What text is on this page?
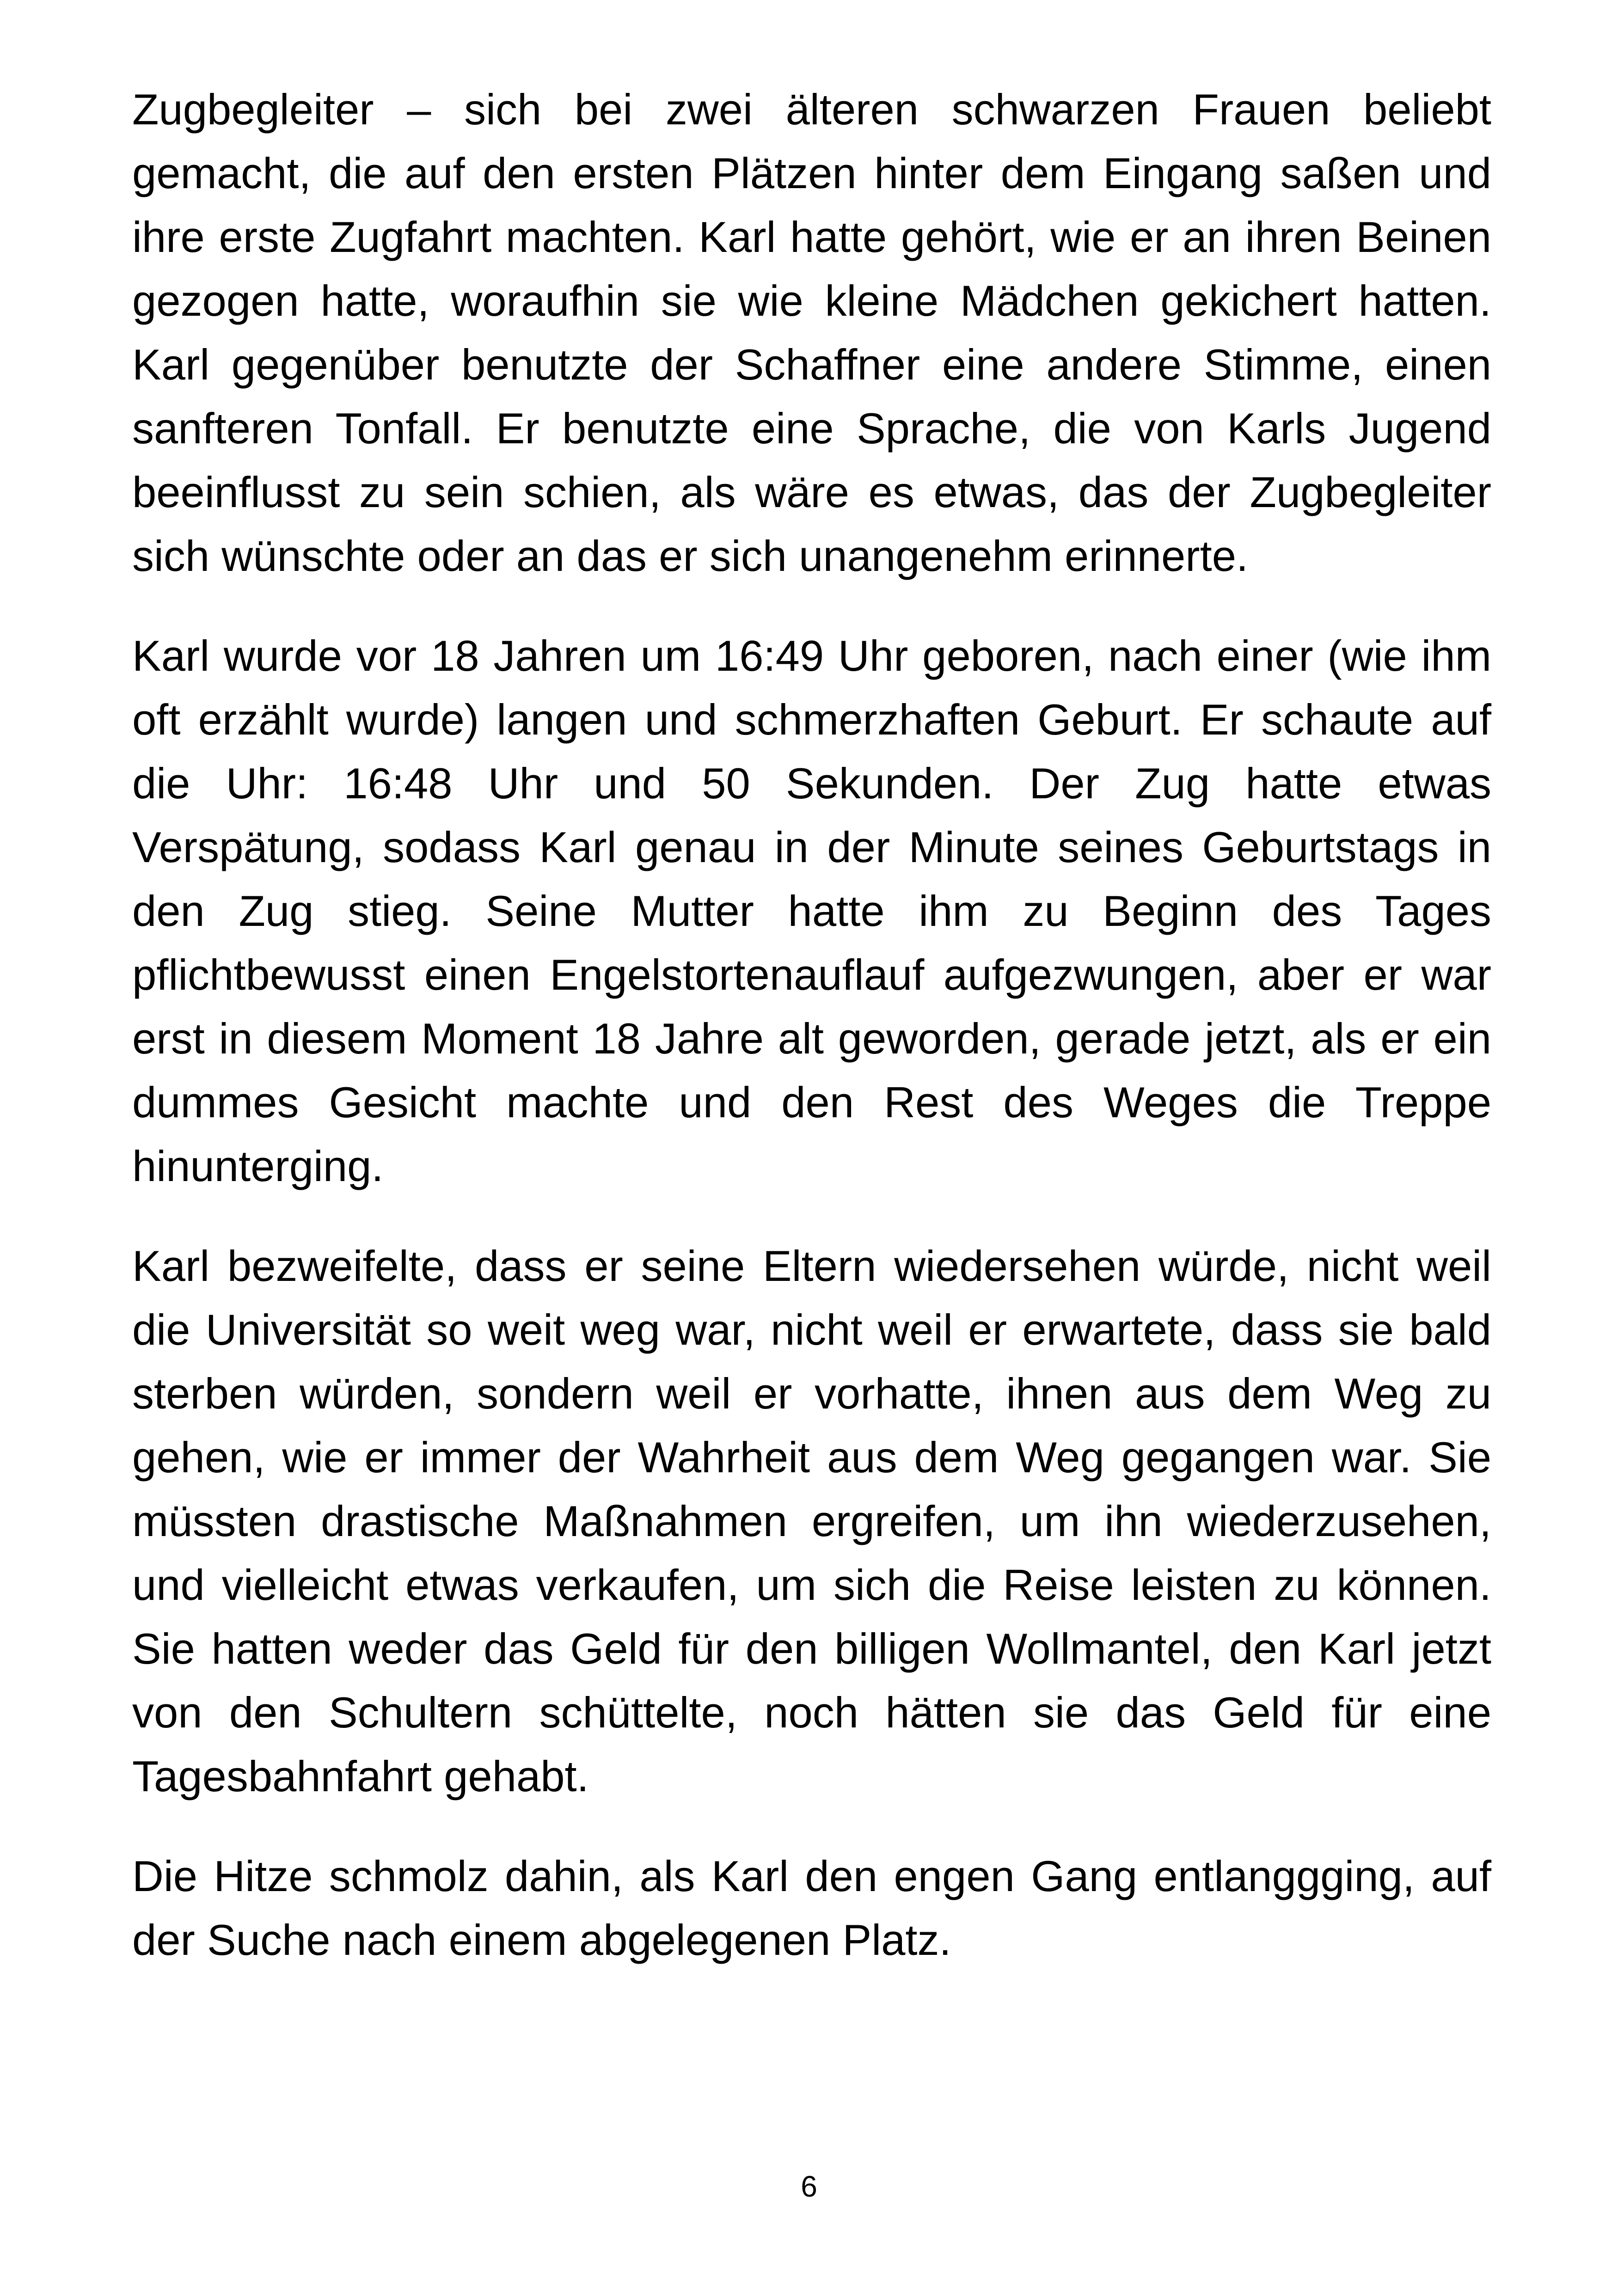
Zugbegleiter – sich bei zwei älteren schwarzen Frauen beliebt gemacht, die auf den ersten Plätzen hinter dem Eingang saßen und ihre erste Zugfahrt machten. Karl hatte gehört, wie er an ihren Beinen gezogen hatte, woraufhin sie wie kleine Mädchen gekichert hatten. Karl gegenüber benutzte der Schaffner eine andere Stimme, einen sanfteren Tonfall. Er benutzte eine Sprache, die von Karls Jugend beeinflusst zu sein schien, als wäre es etwas, das der Zugbegleiter sich wünschte oder an das er sich unangenehm erinnerte.

Karl wurde vor 18 Jahren um 16:49 Uhr geboren, nach einer (wie ihm oft erzählt wurde) langen und schmerzhaften Geburt. Er schaute auf die Uhr: 16:48 Uhr und 50 Sekunden. Der Zug hatte etwas Verspätung, sodass Karl genau in der Minute seines Geburtstags in den Zug stieg. Seine Mutter hatte ihm zu Beginn des Tages pflichtbewusst einen Engelstortenauflauf aufgezwungen, aber er war erst in diesem Moment 18 Jahre alt geworden, gerade jetzt, als er ein dummes Gesicht machte und den Rest des Weges die Treppe hinunterging.

Karl bezweifelte, dass er seine Eltern wiedersehen würde, nicht weil die Universität so weit weg war, nicht weil er erwartete, dass sie bald sterben würden, sondern weil er vorhatte, ihnen aus dem Weg zu gehen, wie er immer der Wahrheit aus dem Weg gegangen war. Sie müssten drastische Maßnahmen ergreifen, um ihn wiederzusehen, und vielleicht etwas verkaufen, um sich die Reise leisten zu können. Sie hatten weder das Geld für den billigen Wollmantel, den Karl jetzt von den Schultern schüttelte, noch hätten sie das Geld für eine Tagesbahnfahrt gehabt.

Die Hitze schmolz dahin, als Karl den engen Gang entlanggging, auf der Suche nach einem abgelegenen Platz.

6
